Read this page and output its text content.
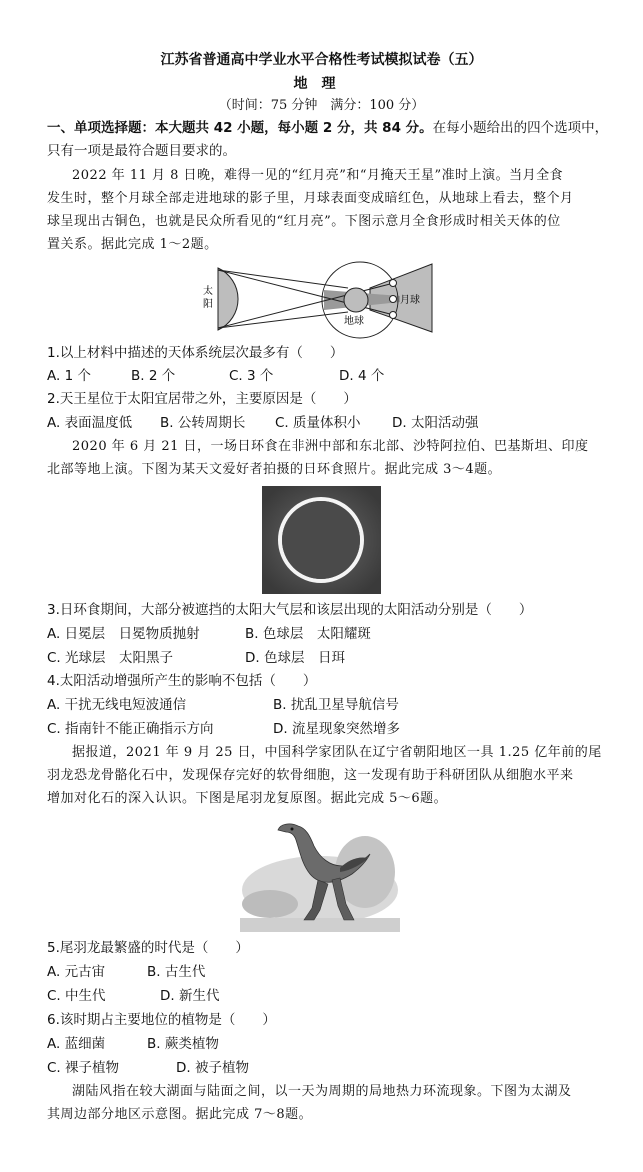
江苏省普通高中学业水平合格性考试模拟试卷（五）
地理
（时间：75 分钟　满分：100 分）
一、单项选择题：本大题共 42 小题，每小题 2 分，共 84 分。在每小题给出的四个选项中，
只有一项是最符合题目要求的。
2022 年 11 月 8 日晚，难得一见的“红月亮”和“月掩天王星”准时上演。当月全食
发生时，整个月球全部走进地球的影子里，月球表面变成暗红色，从地球上看去，整个月
球呈现出古铜色，也就是民众所看见的“红月亮”。下图示意月全食形成时相关天体的位
置关系。据此完成 1～2题。
太
阳	月球
地球
1.以上材料中描述的天体系统层次最多有（　　）
A. 1 个	B. 2 个	C. 3 个	D. 4 个
2.天王星位于太阳宜居带之外，主要原因是（　　）
A. 表面温度低 B. 公转周期长 C. 质量体积小 D. 太阳活动强
2020 年 6 月 21 日，一场日环食在非洲中部和东北部、沙特阿拉伯、巴基斯坦、印度
北部等地上演。下图为某天文爱好者拍摄的日环食照片。据此完成 3～4题。
3.日环食期间，大部分被遮挡的太阳大气层和该层出现的太阳活动分别是（　　）
A. 日冕层　日冕物质抛射	B. 色球层　太阳耀斑
C. 光球层　太阳黑子	D. 色球层　日珥
4.太阳活动增强所产生的影响不包括（　　）
A. 干扰无线电短波通信	B. 扰乱卫星导航信号
C. 指南针不能正确指示方向	D. 流星现象突然增多
据报道，2021 年 9 月 25 日，中国科学家团队在辽宁省朝阳地区一具 1.25 亿年前的尾
羽龙恐龙骨骼化石中，发现保存完好的软骨细胞，这一发现有助于科研团队从细胞水平来
增加对化石的深入认识。下图是尾羽龙复原图。据此完成 5～6题。
5.尾羽龙最繁盛的时代是（　　）
A. 元古宙	B. 古生代
C. 中生代	D. 新生代
6.该时期占主要地位的植物是（　　）
A. 蓝细菌	B. 蕨类植物
C. 裸子植物	D. 被子植物
湖陆风指在较大湖面与陆面之间，以一天为周期的局地热力环流现象。下图为太湖及
其周边部分地区示意图。据此完成 7～8题。
